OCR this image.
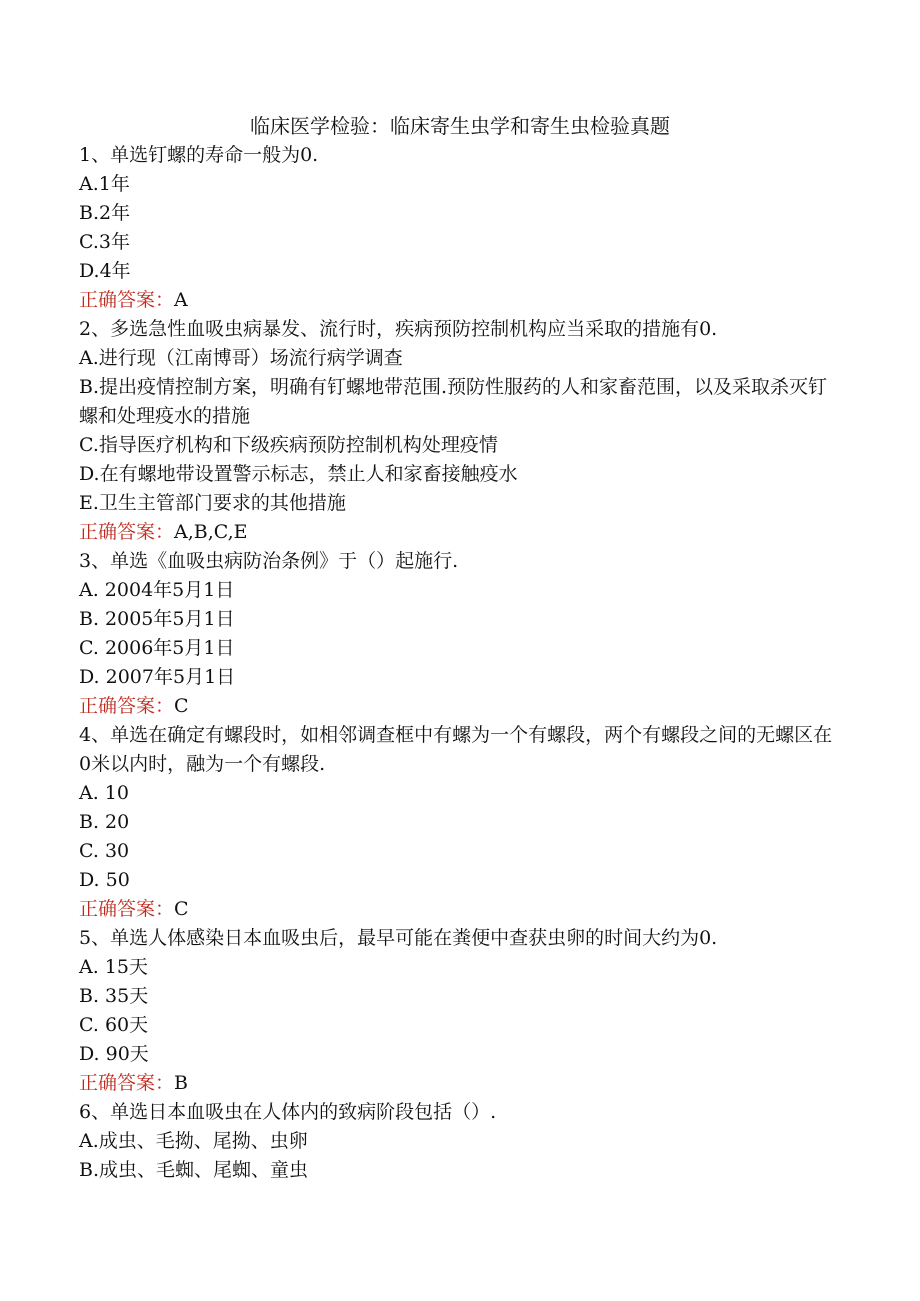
临床医学检验：临床寄生虫学和寄生虫检验真题
1、单选钉螺的寿命一般为0.
A.1年
B.2年
C.3年
D.4年
正确答案：A
2、多选急性血吸虫病暴发、流行时，疾病预防控制机构应当采取的措施有0.
A.进行现（江南博哥）场流行病学调查
B.提出疫情控制方案，明确有钉螺地带范围.预防性服药的人和家畜范围，以及采取杀灭钉螺和处理疫水的措施
C.指导医疗机构和下级疾病预防控制机构处理疫情
D.在有螺地带设置警示标志，禁止人和家畜接触疫水
E.卫生主管部门要求的其他措施
正确答案：A,B,C,E
3、单选《血吸虫病防治条例》于（）起施行.
A. 2004年5月1日
B. 2005年5月1日
C. 2006年5月1日
D. 2007年5月1日
正确答案：C
4、单选在确定有螺段时，如相邻调查框中有螺为一个有螺段，两个有螺段之间的无螺区在0米以内时，融为一个有螺段.
A. 10
B. 20
C. 30
D. 50
正确答案：C
5、单选人体感染日本血吸虫后，最早可能在粪便中查获虫卵的时间大约为0.
A. 15天
B. 35天
C. 60天
D. 90天
正确答案：B
6、单选日本血吸虫在人体内的致病阶段包括（）.
A.成虫、毛拗、尾拗、虫卵
B.成虫、毛蜘、尾蜘、童虫
